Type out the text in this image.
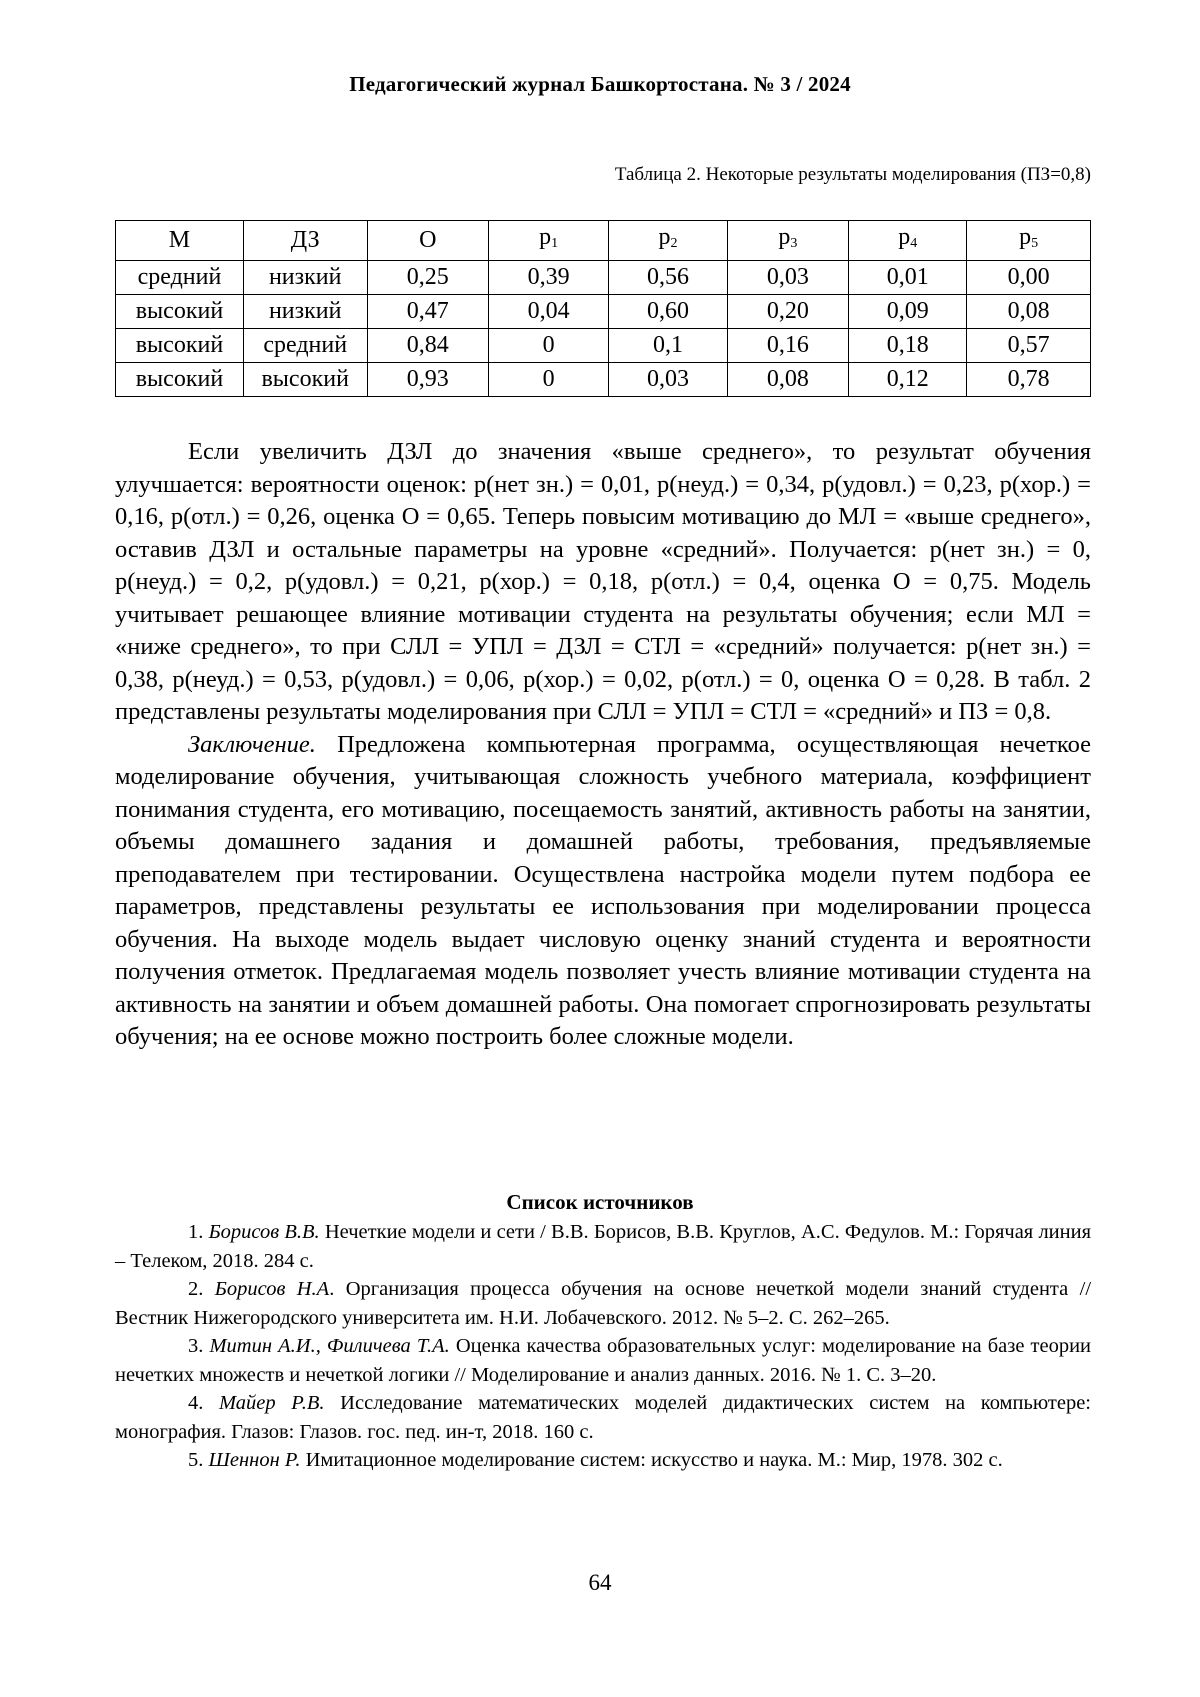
Педагогический журнал Башкортостана. № 3 / 2024
Таблица 2. Некоторые результаты моделирования (ПЗ=0,8)
М	ДЗ	О	$p_1$	$p_2$	$p_3$	$p_4$	$p_5$
средний	низкий	0,25	0,39	0,56	0,03	0,01	0,00
высокий	низкий	0,47	0,04	0,60	0,20	0,09	0,08
высокий	средний	0,84	0	0,1	0,16	0,18	0,57
высокий	высокий	0,93	0	0,03	0,08	0,12	0,78

Если увеличить ДЗЛ до значения «выше среднего», то результат обучения улучшается: вероятности оценок: p(нет зн.) = 0,01, p(неуд.) = 0,34, p(удовл.) = 0,23, p(хор.) = 0,16, p(отл.) = 0,26, оценка О = 0,65. Теперь повысим мотивацию до МЛ = «выше среднего», оставив ДЗЛ и остальные параметры на уровне «средний». Получается: p(нет зн.) = 0, p(неуд.) = 0,2, p(удовл.) = 0,21, p(хор.) = 0,18, p(отл.) = 0,4, оценка О = 0,75. Модель учитывает решающее влияние мотивации студента на результаты обучения; если МЛ = «ниже среднего», то при СЛЛ = УПЛ = ДЗЛ = СТЛ = «средний» получается: p(нет зн.) = 0,38, p(неуд.) = 0,53, p(удовл.) = 0,06, p(хор.) = 0,02, p(отл.) = 0, оценка О = 0,28. В табл. 2 представлены результаты моделирования при СЛЛ = УПЛ = СТЛ = «средний» и ПЗ = 0,8.

Заключение. Предложена компьютерная программа, осуществляющая нечеткое моделирование обучения, учитывающая сложность учебного материала, коэффициент понимания студента, его мотивацию, посещаемость занятий, активность работы на занятии, объемы домашнего задания и домашней работы, требования, предъявляемые преподавателем при тестировании. Осуществлена настройка модели путем подбора ее параметров, представлены результаты ее использования при моделировании процесса обучения. На выходе модель выдает числовую оценку знаний студента и вероятности получения отметок. Предлагаемая модель позволяет учесть влияние мотивации студента на активность на занятии и объем домашней работы. Она помогает спрогнозировать результаты обучения; на ее основе можно построить более сложные модели.

Список источников

1. Борисов В.В. Нечеткие модели и сети / В.В. Борисов, В.В. Круглов, А.С. Федулов. М.: Горячая линия – Телеком, 2018. 284 с.

2. Борисов Н.А. Организация процесса обучения на основе нечеткой модели знаний студента // Вестник Нижегородского университета им. Н.И. Лобачевского. 2012. № 5–2. С. 262–265.

3. Митин А.И., Филичева Т.А. Оценка качества образовательных услуг: моделирование на базе теории нечетких множеств и нечеткой логики // Моделирование и анализ данных. 2016. № 1. С. 3–20.

4. Майер Р.В. Исследование математических моделей дидактических систем на компьютере: монография. Глазов: Глазов. гос. пед. ин-т, 2018. 160 с.

5. Шеннон Р. Имитационное моделирование систем: искусство и наука. М.: Мир, 1978. 302 с.

64
